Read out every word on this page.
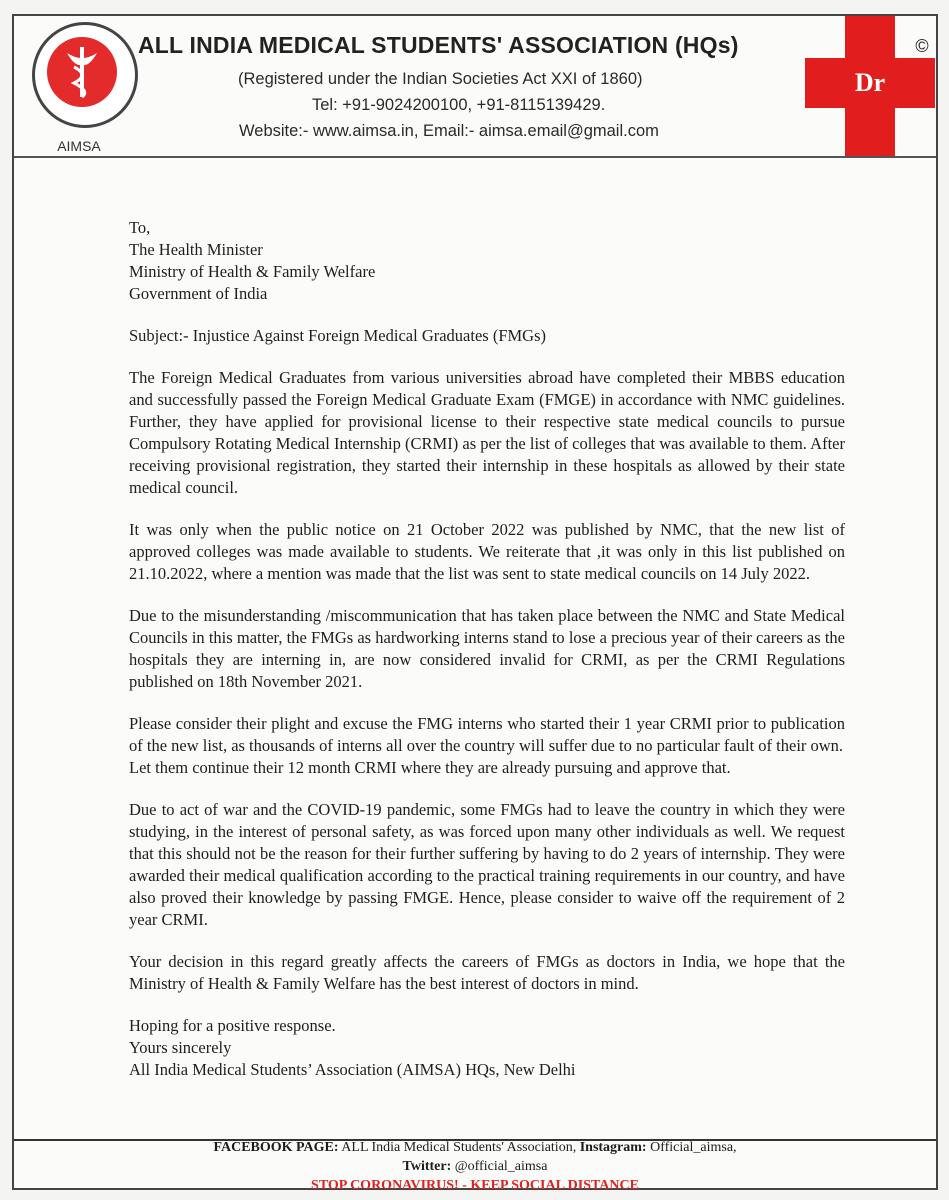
AIMSA
ALL INDIA MEDICAL STUDENTS' ASSOCIATION (HQs)
(Registered under the Indian Societies Act XXI of 1860)
Tel: +91-9024200100, +91-8115139429.
Website:- www.aimsa.in, Email:- aimsa.email@gmail.com
Dr
©

To,

The Health Minister

Ministry of Health & Family Welfare

Government of India

Subject:- Injustice Against Foreign Medical Graduates (FMGs)

The Foreign Medical Graduates from various universities abroad have completed their MBBS education and successfully passed the Foreign Medical Graduate Exam (FMGE) in accordance with NMC guidelines. Further, they have applied for provisional license to their respective state medical councils to pursue Compulsory Rotating Medical Internship (CRMI) as per the list of colleges that was available to them. After receiving provisional registration, they started their internship in these hospitals as allowed by their state medical council.

It was only when the public notice on 21 October 2022 was published by NMC, that the new list of approved colleges was made available to students. We reiterate that ,it was only in this list published on 21.10.2022, where a mention was made that the list was sent to state medical councils on 14 July 2022.

Due to the misunderstanding /miscommunication that has taken place between the NMC and State Medical Councils in this matter, the FMGs as hardworking interns stand to lose a precious year of their careers as the hospitals they are interning in, are now considered invalid for CRMI, as per the CRMI Regulations published on 18th November 2021.

Please consider their plight and excuse the FMG interns who started their 1 year CRMI prior to publication of the new list, as thousands of interns all over the country will suffer due to no particular fault of their own.

Let them continue their 12 month CRMI where they are already pursuing and approve that.

Due to act of war and the COVID-19 pandemic, some FMGs had to leave the country in which they were studying, in the interest of personal safety, as was forced upon many other individuals as well. We request that this should not be the reason for their further suffering by having to do 2 years of internship. They were awarded their medical qualification according to the practical training requirements in our country, and have also proved their knowledge by passing FMGE. Hence, please consider to waive off the requirement of 2 year CRMI.

Your decision in this regard greatly affects the careers of FMGs as doctors in India, we hope that the Ministry of Health & Family Welfare has the best interest of doctors in mind.

Hoping for a positive response.

Yours sincerely

All India Medical Students’ Association (AIMSA) HQs, New Delhi

FACEBOOK PAGE: ALL India Medical Students' Association, Instagram: Official_aimsa,
Twitter: @official_aimsa
STOP CORONAVIRUS! - KEEP SOCIAL DISTANCE
